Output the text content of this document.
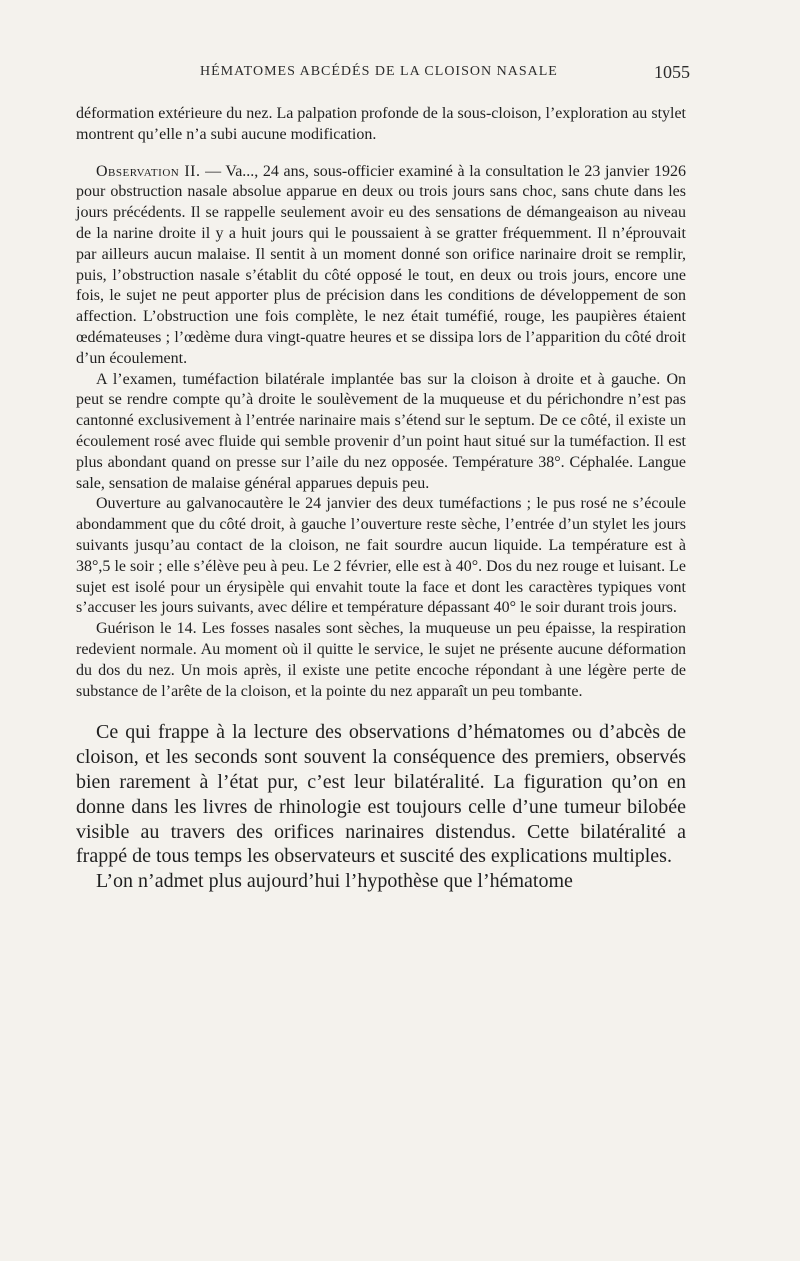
HÉMATOMES ABCÉDÉS DE LA CLOISON NASALE	1055

déformation extérieure du nez. La palpation profonde de la sous-cloison, l’exploration au stylet montrent qu’elle n’a subi aucune modification.

Observation II. — Va..., 24 ans, sous-officier examiné à la consultation le 23 janvier 1926 pour obstruction nasale absolue apparue en deux ou trois jours sans choc, sans chute dans les jours précédents. Il se rappelle seulement avoir eu des sensations de démangeaison au niveau de la narine droite il y a huit jours qui le poussaient à se gratter fréquemment. Il n’éprouvait par ailleurs aucun malaise. Il sentit à un moment donné son orifice narinaire droit se remplir, puis, l’obstruction nasale s’établit du côté opposé le tout, en deux ou trois jours, encore une fois, le sujet ne peut apporter plus de précision dans les conditions de développement de son affection. L’obstruction une fois complète, le nez était tuméfié, rouge, les paupières étaient œdémateuses ; l’œdème dura vingt-quatre heures et se dissipa lors de l’apparition du côté droit d’un écoulement.

A l’examen, tuméfaction bilatérale implantée bas sur la cloison à droite et à gauche. On peut se rendre compte qu’à droite le soulèvement de la muqueuse et du périchondre n’est pas cantonné exclusivement à l’entrée narinaire mais s’étend sur le septum. De ce côté, il existe un écoulement rosé avec fluide qui semble provenir d’un point haut situé sur la tuméfaction. Il est plus abondant quand on presse sur l’aile du nez opposée. Température 38°. Céphalée. Langue sale, sensation de malaise général apparues depuis peu.

Ouverture au galvanocautère le 24 janvier des deux tuméfactions ; le pus rosé ne s’écoule abondamment que du côté droit, à gauche l’ouverture reste sèche, l’entrée d’un stylet les jours suivants jusqu’au contact de la cloison, ne fait sourdre aucun liquide. La température est à 38°,5 le soir ; elle s’élève peu à peu. Le 2 février, elle est à 40°. Dos du nez rouge et luisant. Le sujet est isolé pour un érysipèle qui envahit toute la face et dont les caractères typiques vont s’accuser les jours suivants, avec délire et température dépassant 40° le soir durant trois jours.

Guérison le 14. Les fosses nasales sont sèches, la muqueuse un peu épaisse, la respiration redevient normale. Au moment où il quitte le service, le sujet ne présente aucune déformation du dos du nez. Un mois après, il existe une petite encoche répondant à une légère perte de substance de l’arête de la cloison, et la pointe du nez apparaît un peu tombante.

Ce qui frappe à la lecture des observations d’hématomes ou d’abcès de cloison, et les seconds sont souvent la conséquence des premiers, observés bien rarement à l’état pur, c’est leur bilatéralité. La figuration qu’on en donne dans les livres de rhinologie est toujours celle d’une tumeur bilobée visible au travers des orifices narinaires distendus. Cette bilatéralité a frappé de tous temps les observateurs et suscité des explications multiples.

L’on n’admet plus aujourd’hui l’hypothèse que l’hématome
